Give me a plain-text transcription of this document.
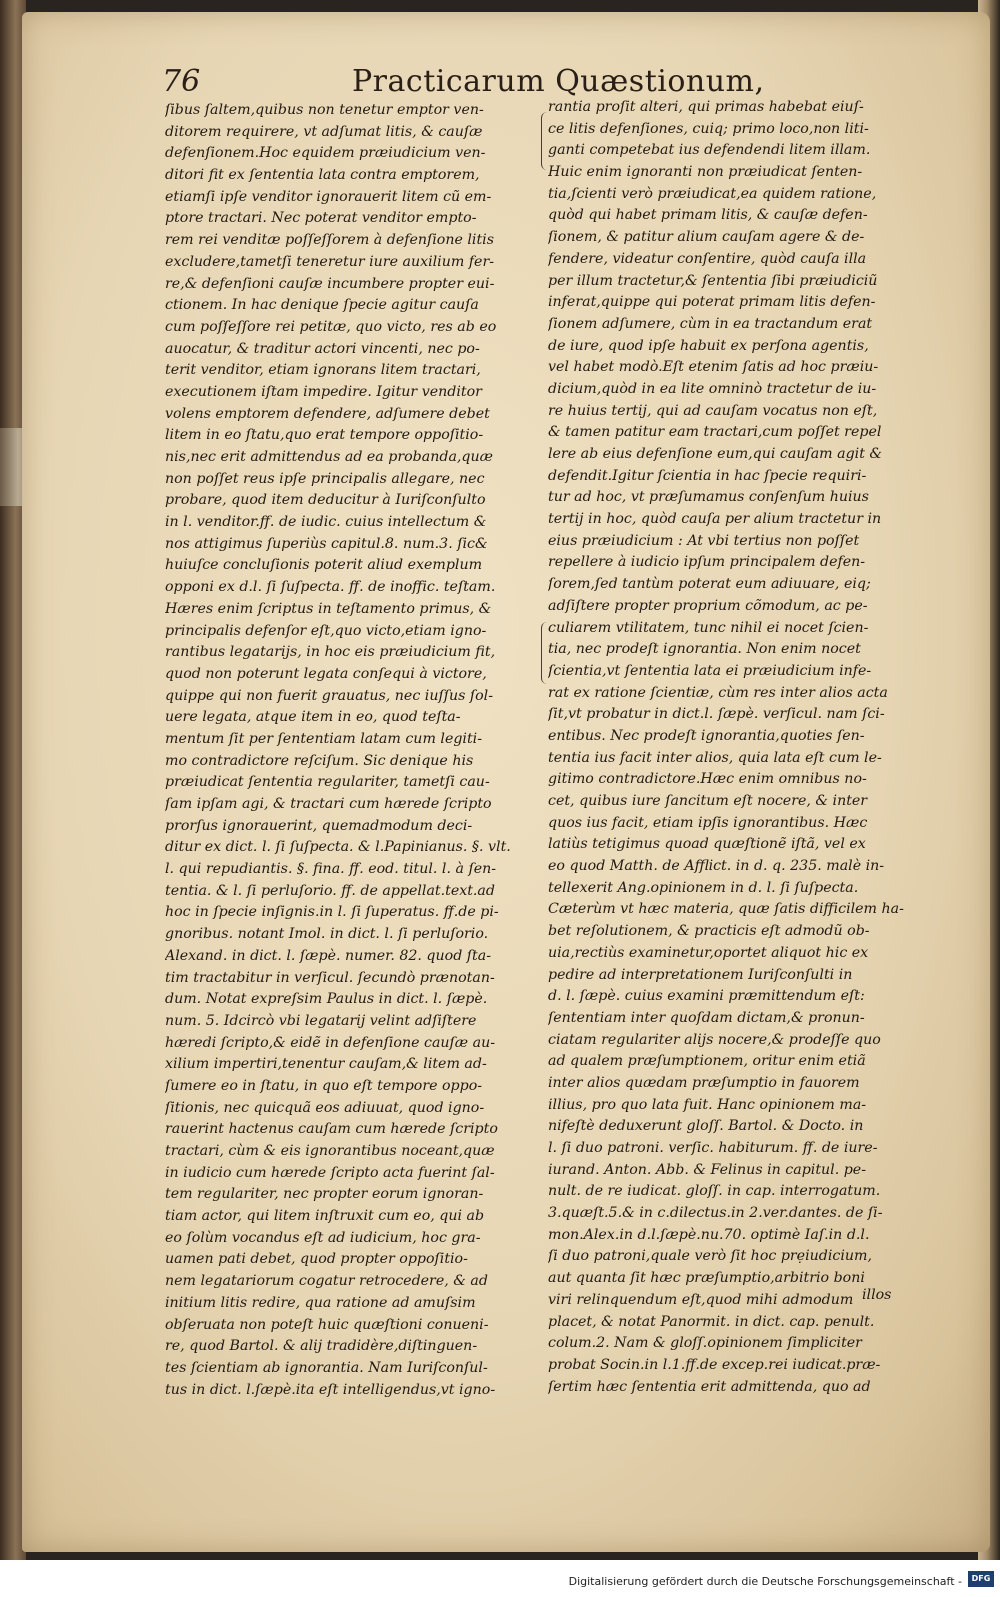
76	Practicarum Quæstionum,
ſibus ſaltem,quibus non tenetur emptor ven-
ditorem requirere, vt adſumat litis, & cauſæ
defenſionem.Hoc equidem præiudicium ven-
ditori fit ex ſententia lata contra emptorem,
etiamſi ipſe venditor ignorauerit litem cũ em-
ptore tractari. Nec poterat venditor empto-
rem rei venditæ poſſeſſorem à defenſione litis
excludere,tametſi teneretur iure auxilium fer-
re,& defenſioni cauſæ incumbere propter eui-
ctionem. In hac denique ſpecie agitur cauſa
cum poſſeſſore rei petitæ, quo victo, res ab eo
auocatur, & traditur actori vincenti, nec po-
terit venditor, etiam ignorans litem tractari,
executionem iſtam impedire. Igitur venditor
volens emptorem defendere, adſumere debet
litem in eo ſtatu,quo erat tempore oppoſitio-
nis,nec erit admittendus ad ea probanda,quæ
non poſſet reus ipſe principalis allegare, nec
probare, quod item deducitur à Iuriſconſulto
in l. venditor.ff. de iudic. cuius intellectum &
nos attigimus ſuperiùs capitul.8. num.3. ſic&
huiuſce concluſionis poterit aliud exemplum
opponi ex d.l. ſi ſuſpecta. ff. de inoffic. teſtam.
Hæres enim ſcriptus in teſtamento primus, &
principalis defenſor eſt,quo victo,etiam igno-
rantibus legatarijs, in hoc eis præiudicium fit,
quod non poterunt legata conſequi à victore,
quippe qui non fuerit grauatus, nec iuſſus ſol-
uere legata, atque item in eo, quod teſta-
mentum ſit per ſententiam latam cum legiti-
mo contradictore reſciſum. Sic denique his
præiudicat ſententia regulariter, tametſi cau-
ſam ipſam agi, & tractari cum hærede ſcripto
prorſus ignorauerint, quemadmodum deci-
ditur ex dict. l. ſi ſuſpecta. & l.Papinianus. §. vlt.
l. qui repudiantis. §. fina. ff. eod. titul. l. à ſen-
tentia. & l. ſi perluſorio. ff. de appellat.text.ad
hoc in ſpecie inſignis.in l. ſi ſuperatus. ff.de pi-
gnoribus. notant Imol. in dict. l. ſi perluſorio.
Alexand. in dict. l. ſæpè. numer. 82. quod ſta-
tim tractabitur in verſicul. ſecundò prænotan-
dum. Notat expreſsim Paulus in dict. l. ſæpè.
num. 5. Idcircò vbi legatarij velint adſiſtere
hæredi ſcripto,& eidẽ in defenſione cauſæ au-
xilium impertiri,tenentur cauſam,& litem ad-
ſumere eo in ſtatu, in quo eſt tempore oppo-
ſitionis, nec quicquã eos adiuuat, quod igno-
rauerint hactenus cauſam cum hærede ſcripto
tractari, cùm & eis ignorantibus noceant,quæ
in iudicio cum hærede ſcripto acta fuerint ſal-
tem regulariter, nec propter eorum ignoran-
tiam actor, qui litem inſtruxit cum eo, qui ab
eo ſolùm vocandus eſt ad iudicium, hoc gra-
uamen pati debet, quod propter oppoſitio-
nem legatariorum cogatur retrocedere, & ad
initium litis redire, qua ratione ad amuſsim
obſeruata non poteſt huic quæſtioni conueni-
re, quod Bartol. & alij tradidère,diſtinguen-
tes ſcientiam ab ignorantia. Nam Iuriſconſul-
tus in dict. l.ſæpè.ita eſt intelligendus,vt igno-
rantia proſit alteri, qui primas habebat eiuſ-
ce litis defenſiones, cuiq; primo loco,non liti-
ganti competebat ius defendendi litem illam.
Huic enim ignoranti non præiudicat ſenten-
tia,ſcienti verò præiudicat,ea quidem ratione,
quòd qui habet primam litis, & cauſæ defen-
ſionem, & patitur alium cauſam agere & de-
fendere, videatur conſentire, quòd cauſa illa
per illum tractetur,& ſententia ſibi præiudiciũ
inferat,quippe qui poterat primam litis defen-
ſionem adſumere, cùm in ea tractandum erat
de iure, quod ipſe habuit ex perſona agentis,
vel habet modò.Eſt etenim ſatis ad hoc præiu-
dicium,quòd in ea lite omninò tractetur de iu-
re huius tertij, qui ad cauſam vocatus non eſt,
& tamen patitur eam tractari,cum poſſet repel
lere ab eius defenſione eum,qui cauſam agit &
defendit.Igitur ſcientia in hac ſpecie requiri-
tur ad hoc, vt præſumamus conſenſum huius
tertij in hoc, quòd cauſa per alium tractetur in
eius præiudicium : At vbi tertius non poſſet
repellere à iudicio ipſum principalem defen-
ſorem,ſed tantùm poterat eum adiuuare, eiq;
adſiſtere propter proprium cõmodum, ac pe-
culiarem vtilitatem, tunc nihil ei nocet ſcien-
tia, nec prodeſt ignorantia. Non enim nocet
ſcientia,vt ſententia lata ei præiudicium infe-
rat ex ratione ſcientiæ, cùm res inter alios acta
ſit,vt probatur in dict.l. ſæpè. verſicul. nam ſci-
entibus. Nec prodeſt ignorantia,quoties ſen-
tentia ius facit inter alios, quia lata eſt cum le-
gitimo contradictore.Hæc enim omnibus no-
cet, quibus iure ſancitum eſt nocere, & inter
quos ius facit, etiam ipſis ignorantibus. Hæc
latiùs tetigimus quoad quæſtionẽ iſtã, vel ex
eo quod Matth. de Afflict. in d. q. 235. malè in-
tellexerit Ang.opinionem in d. l. ſi ſuſpecta.
Cæterùm vt hæc materia, quæ ſatis difficilem ha-
bet reſolutionem, & practicis eſt admodũ ob-
uia,rectiùs examinetur,oportet aliquot hic ex
pedire ad interpretationem Iuriſconſulti in
d. l. ſæpè. cuius examini præmittendum eſt:
ſententiam inter quoſdam dictam,& pronun-
ciatam regulariter alijs nocere,& prodeſſe quo
ad qualem præſumptionem, oritur enim etiã
inter alios quædam præſumptio in fauorem
illius, pro quo lata fuit. Hanc opinionem ma-
nifeſtè deduxerunt gloſſ. Bartol. & Docto. in
l. ſi duo patroni. verſic. habiturum. ff. de iure-
iurand. Anton. Abb. & Felinus in capitul. pe-
nult. de re iudicat. gloſſ. in cap. interrogatum.
3.quæſt.5.& in c.dilectus.in 2.ver.dantes. de ſi-
mon.Alex.in d.l.ſæpè.nu.70. optimè Iaſ.in d.l.
ſi duo patroni,quale verò ſit hoc prẹiudicium,
aut quanta ſit hæc præſumptio,arbitrio boni
viri relinquendum eſt,quod mihi admodum
placet, & notat Panormit. in dict. cap. penult.
colum.2. Nam & gloſſ.opinionem ſimpliciter
probat Socin.in l.1.ff.de excep.rei iudicat.præ-
ſertim hæc ſententia erit admittenda, quo ad
illos
Digitalisierung gefördert durch die Deutsche Forschungsgemeinschaft -	DFG
